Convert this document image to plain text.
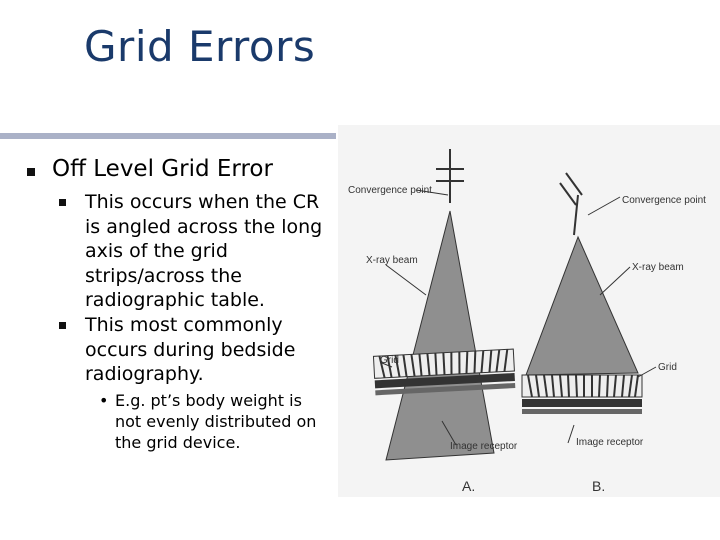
Grid Errors
Off Level Grid Error
This occurs when the CR is angled across the long axis of the grid strips/across the radiographic table.
This most commonly occurs during bedside radiography.
• E.g. pt’s body weight is not evenly distributed on the grid device.
Convergence point
X-ray beam
Grid
Image receptor
A.
Convergence point
X-ray beam
Grid
Image receptor
B.
